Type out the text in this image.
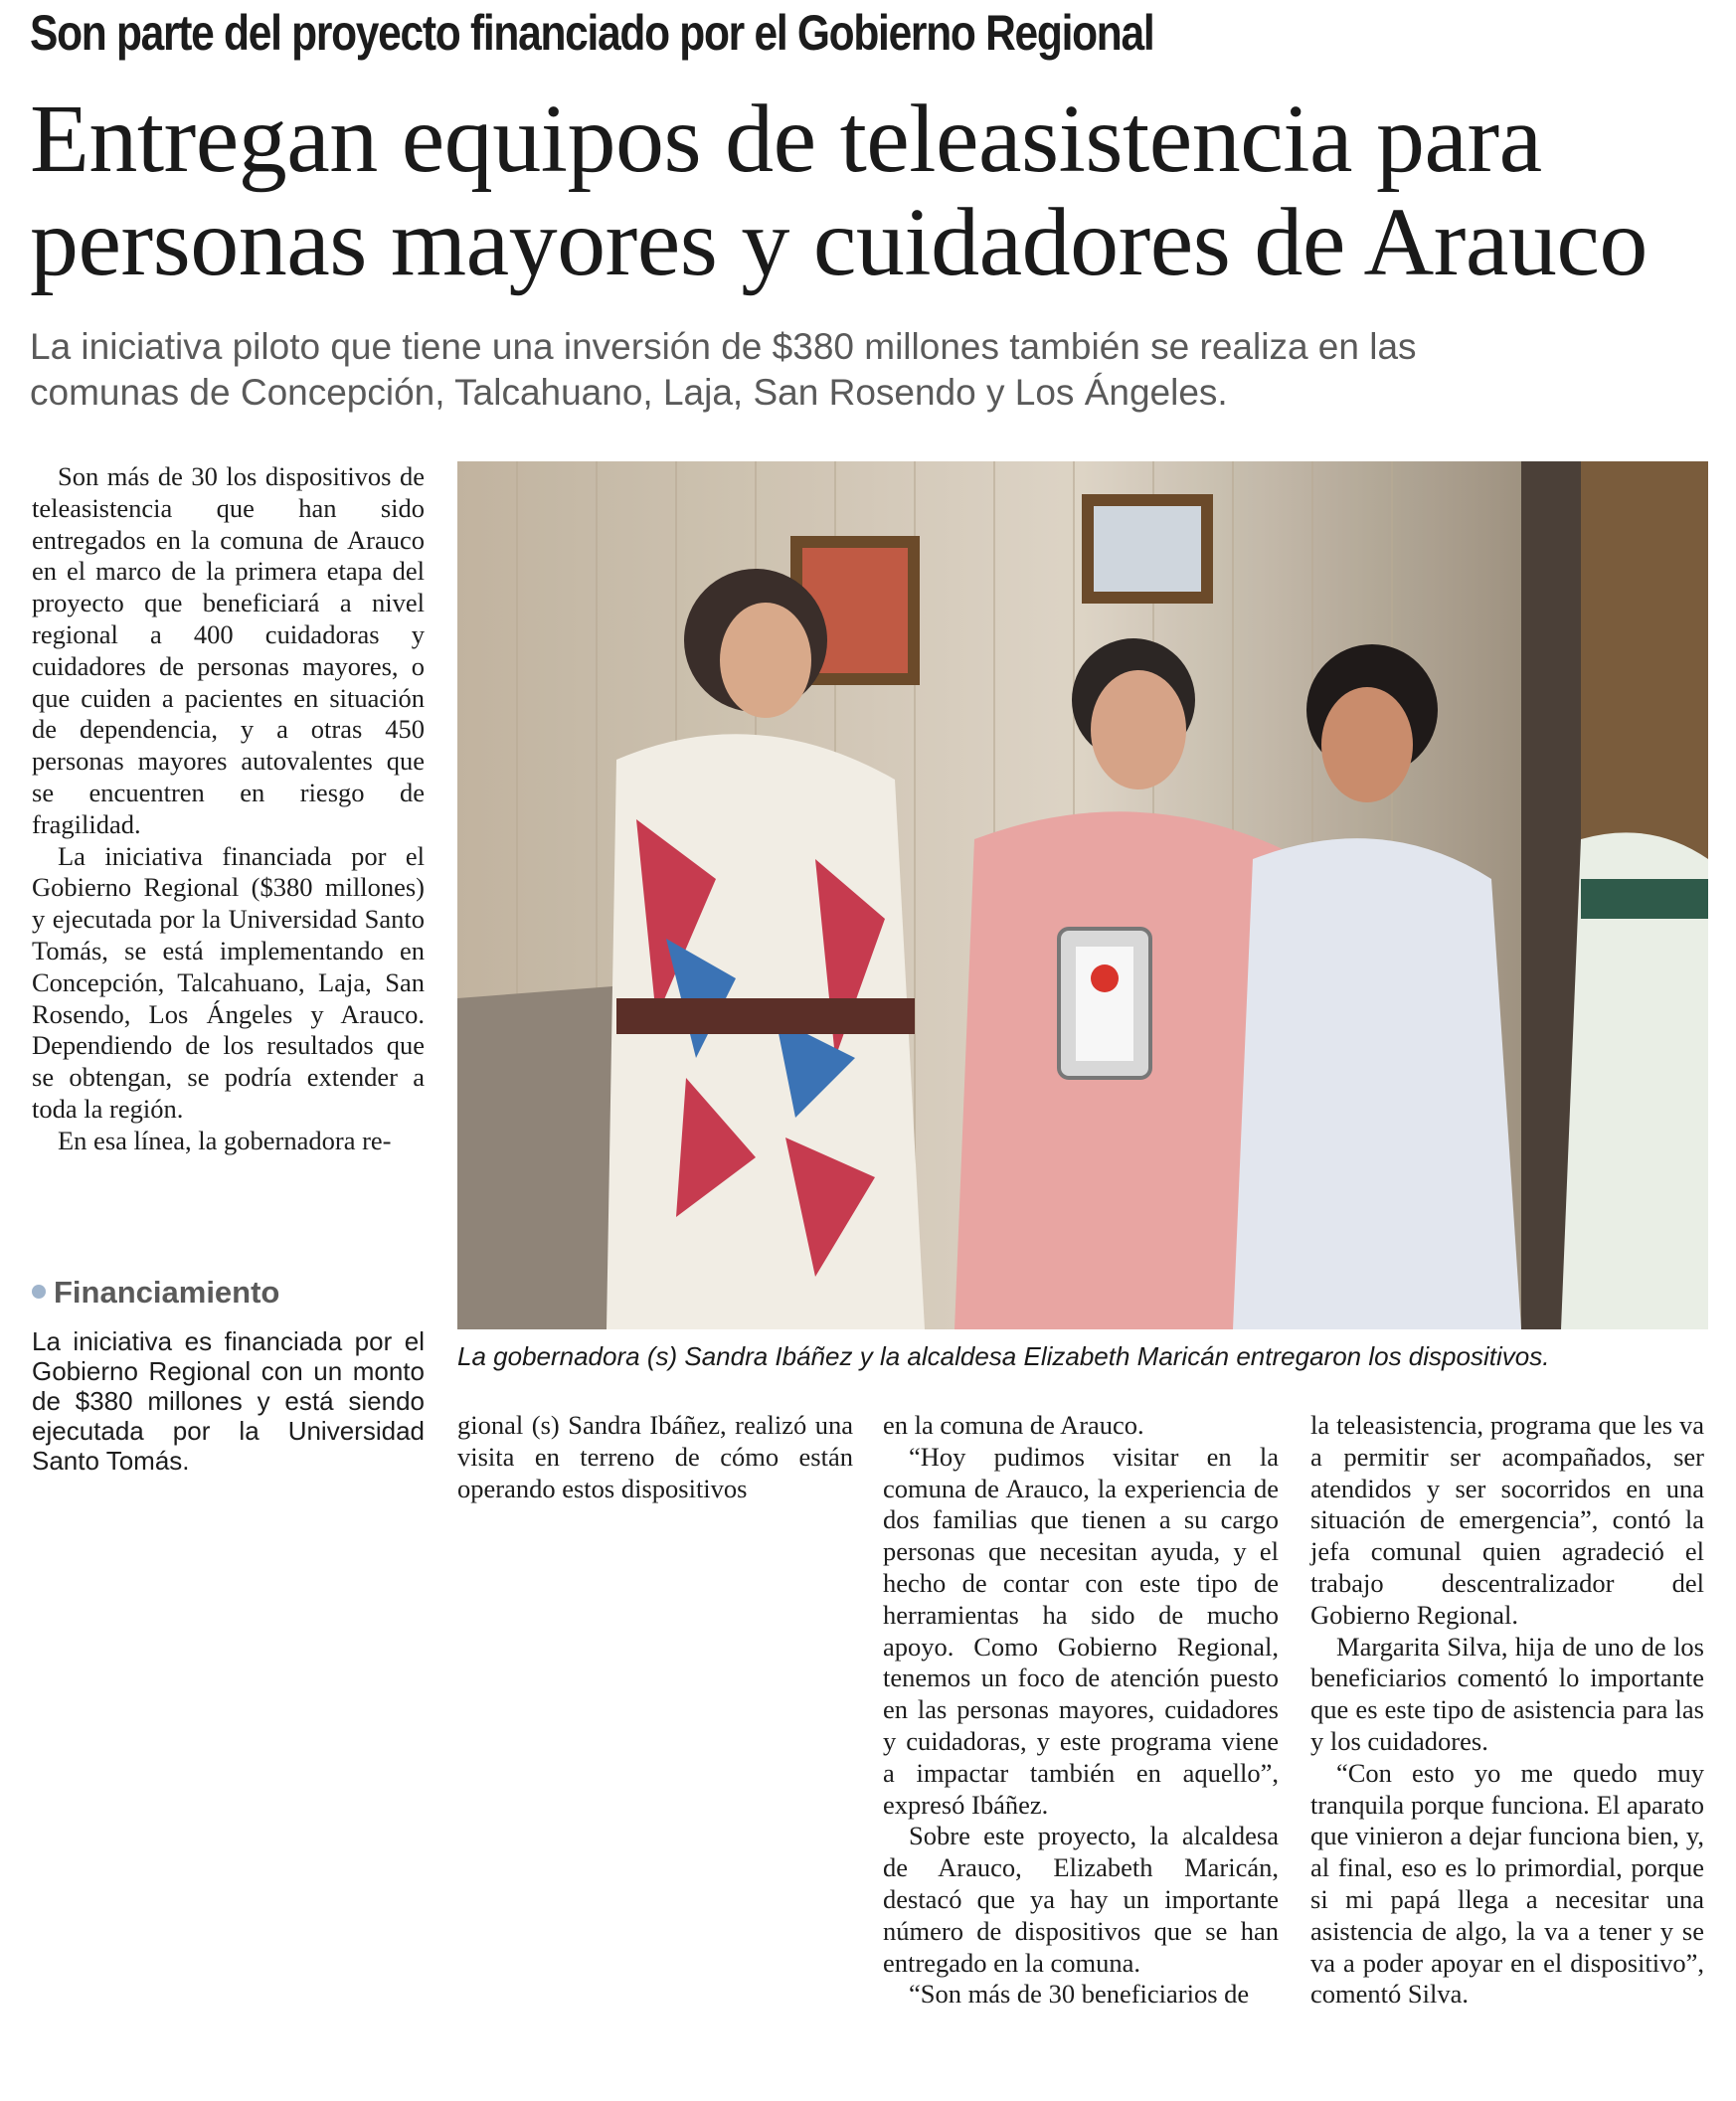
Son parte del proyecto financiado por el Gobierno Regional
Entregan equipos de teleasistencia para
personas mayores y cuidadores de Arauco
La iniciativa piloto que tiene una inversión de $380 millones también se realiza en las
comunas de Concepción, Talcahuano, Laja, San Rosendo y Los Ángeles.

Son más de 30 los dispositivos de teleasistencia que han sido entregados en la comuna de Arauco en el marco de la primera etapa del proyecto que beneficiará a nivel regional a 400 cuidadoras y cuidadores de personas mayores, o que cuiden a pacientes en situación de dependencia, y a otras 450 personas mayores autovalentes que se encuentren en riesgo de fragilidad.

La iniciativa financiada por el Gobierno Regional ($380 millones) y ejecutada por la Universidad Santo Tomás, se está implementando en Concepción, Talcahuano, Laja, San Rosendo, Los Ángeles y Arauco. Dependiendo de los resultados que se obtengan, se podría extender a toda la región.

En esa línea, la gobernadora re-

Financiamiento
La iniciativa es financiada por el Gobierno Regional con un monto de $380 millones y está siendo ejecutada por la Universidad Santo Tomás.
La gobernadora (s) Sandra Ibáñez y la alcaldesa Elizabeth Maricán entregaron los dispositivos.

gional (s) Sandra Ibáñez, realizó una visita en terreno de cómo están operando estos dispositivos

en la comuna de Arauco.

“Hoy pudimos visitar en la comuna de Arauco, la experiencia de dos familias que tienen a su cargo personas que necesitan ayuda, y el hecho de contar con este tipo de herramientas ha sido de mucho apoyo. Como Gobierno Regional, tenemos un foco de atención puesto en las personas mayores, cuidadores y cuidadoras, y este programa viene a impactar también en aquello”, expresó Ibáñez.

Sobre este proyecto, la alcaldesa de Arauco, Elizabeth Maricán, destacó que ya hay un importante número de dispositivos que se han entregado en la comuna.

“Son más de 30 beneficiarios de

la teleasistencia, programa que les va a permitir ser acompañados, ser atendidos y ser socorridos en una situación de emergencia”, contó la jefa comunal quien agradeció el trabajo descentralizador del Gobierno Regional.

Margarita Silva, hija de uno de los beneficiarios comentó lo importante que es este tipo de asistencia para las y los cuidadores.

“Con esto yo me quedo muy tranquila porque funciona. El aparato que vinieron a dejar funciona bien, y, al final, eso es lo primordial, porque si mi papá llega a necesitar una asistencia de algo, la va a tener y se va a poder apoyar en el dispositivo”, comentó Silva.
